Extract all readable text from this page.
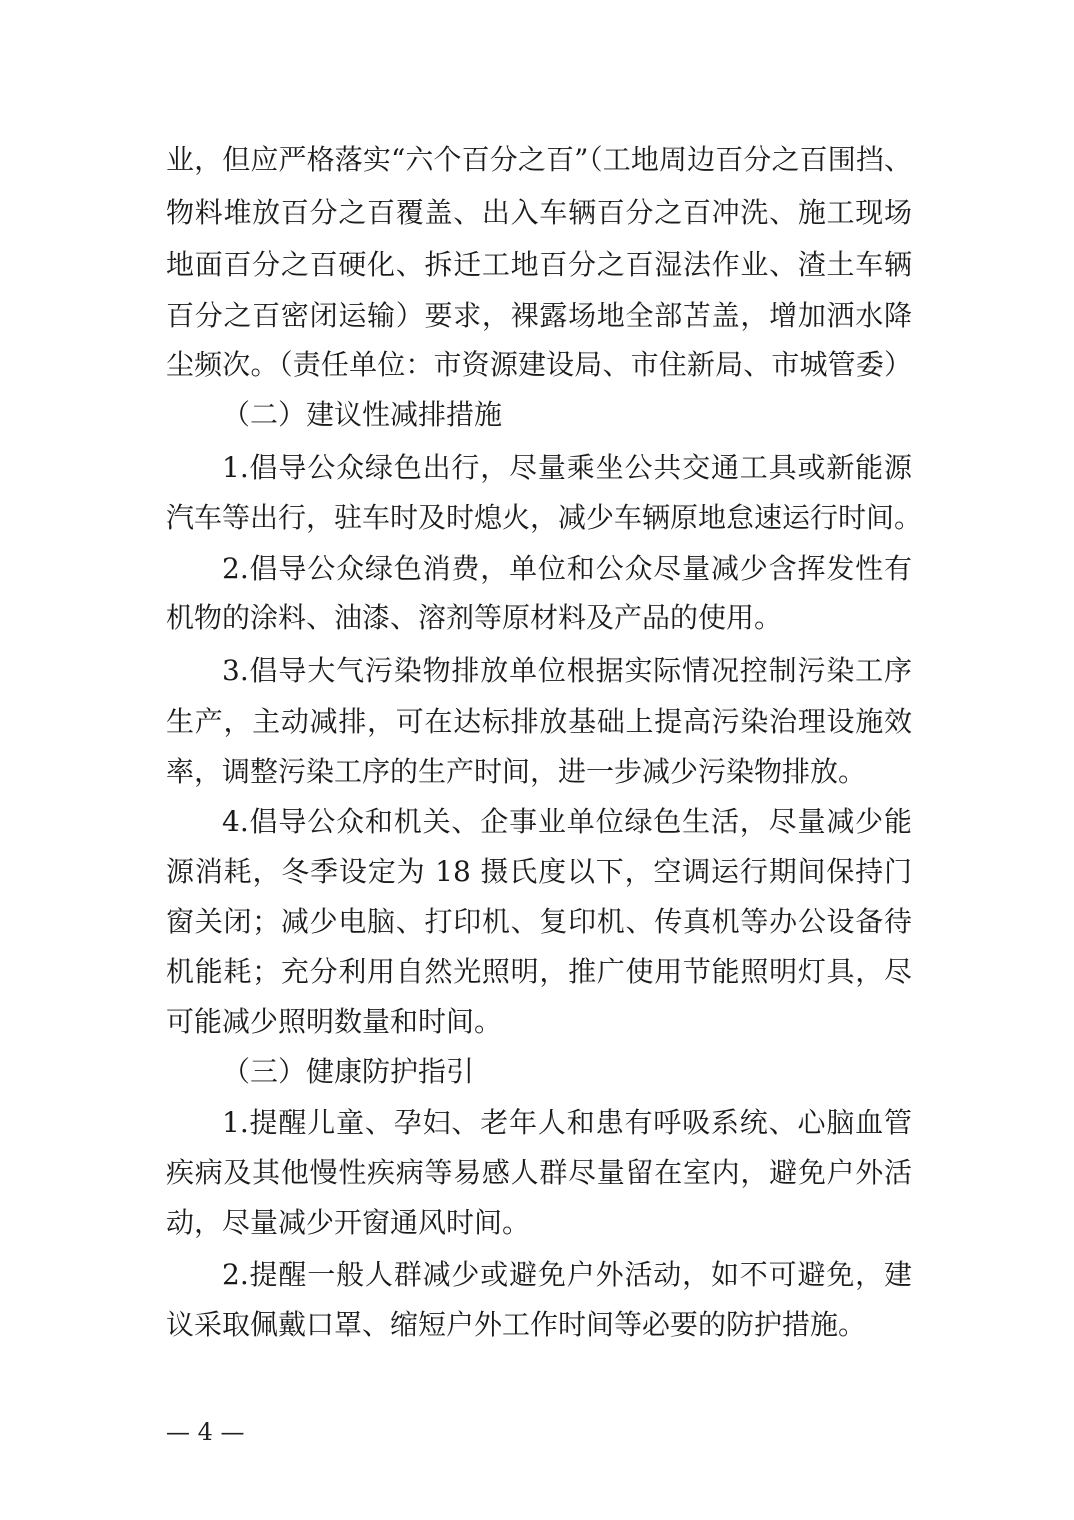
业，但应严格落实“六个百分之百”（工地周边百分之百围挡、
物料堆放百分之百覆盖、出入车辆百分之百冲洗、施工现场
地面百分之百硬化、拆迁工地百分之百湿法作业、渣土车辆
百分之百密闭运输）要求，裸露场地全部苫盖，增加洒水降
尘频次。（责任单位：市资源建设局、市住新局、市城管委）
（二）建议性减排措施
1.倡导公众绿色出行，尽量乘坐公共交通工具或新能源
汽车等出行，驻车时及时熄火，减少车辆原地怠速运行时间。
2.倡导公众绿色消费，单位和公众尽量减少含挥发性有
机物的涂料、油漆、溶剂等原材料及产品的使用。
3.倡导大气污染物排放单位根据实际情况控制污染工序
生产，主动减排，可在达标排放基础上提高污染治理设施效
率，调整污染工序的生产时间，进一步减少污染物排放。
4.倡导公众和机关、企事业单位绿色生活，尽量减少能
源消耗，冬季设定为 18 摄氏度以下，空调运行期间保持门
窗关闭；减少电脑、打印机、复印机、传真机等办公设备待
机能耗；充分利用自然光照明，推广使用节能照明灯具，尽
可能减少照明数量和时间。
（三）健康防护指引
1.提醒儿童、孕妇、老年人和患有呼吸系统、心脑血管
疾病及其他慢性疾病等易感人群尽量留在室内，避免户外活
动，尽量减少开窗通风时间。
2.提醒一般人群减少或避免户外活动，如不可避免，建
议采取佩戴口罩、缩短户外工作时间等必要的防护措施。
— 4 —
